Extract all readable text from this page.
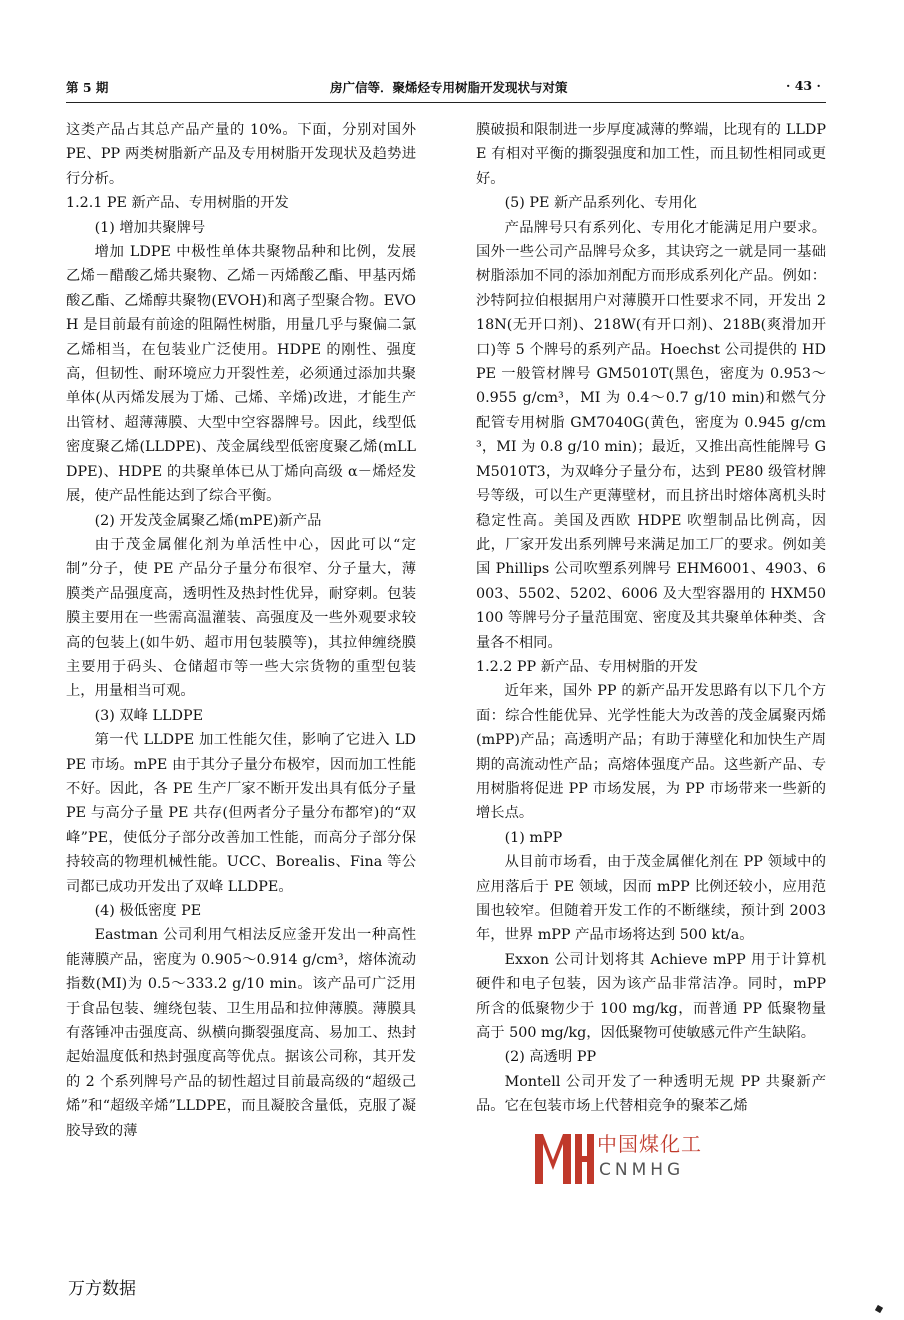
第 5 期	房广信等．聚烯烃专用树脂开发现状与对策	· 43 ·

这类产品占其总产品产量的 10%。下面，分别对国外 PE、PP 两类树脂新产品及专用树脂开发现状及趋势进行分析。

1.2.1 PE 新产品、专用树脂的开发

(1) 增加共聚牌号

增加 LDPE 中极性单体共聚物品种和比例，发展乙烯－醋酸乙烯共聚物、乙烯－丙烯酸乙酯、甲基丙烯酸乙酯、乙烯醇共聚物(EVOH)和离子型聚合物。EVOH 是目前最有前途的阻隔性树脂，用量几乎与聚偏二氯乙烯相当，在包装业广泛使用。HDPE 的刚性、强度高，但韧性、耐环境应力开裂性差，必须通过添加共聚单体(从丙烯发展为丁烯、己烯、辛烯)改进，才能生产出管材、超薄薄膜、大型中空容器牌号。因此，线型低密度聚乙烯(LLDPE)、茂金属线型低密度聚乙烯(mLLDPE)、HDPE 的共聚单体已从丁烯向高级 α－烯烃发展，使产品性能达到了综合平衡。

(2) 开发茂金属聚乙烯(mPE)新产品

由于茂金属催化剂为单活性中心，因此可以“定制”分子，使 PE 产品分子量分布很窄、分子量大，薄膜类产品强度高，透明性及热封性优异，耐穿刺。包装膜主要用在一些需高温灌装、高强度及一些外观要求较高的包装上(如牛奶、超市用包装膜等)，其拉伸缠绕膜主要用于码头、仓储超市等一些大宗货物的重型包装上，用量相当可观。

(3) 双峰 LLDPE

第一代 LLDPE 加工性能欠佳，影响了它进入 LDPE 市场。mPE 由于其分子量分布极窄，因而加工性能不好。因此，各 PE 生产厂家不断开发出具有低分子量 PE 与高分子量 PE 共存(但两者分子量分布都窄)的“双峰”PE，使低分子部分改善加工性能，而高分子部分保持较高的物理机械性能。UCC、Borealis、Fina 等公司都已成功开发出了双峰 LLDPE。

(4) 极低密度 PE

Eastman 公司利用气相法反应釜开发出一种高性能薄膜产品，密度为 0.905～0.914 g/cm³，熔体流动指数(MI)为 0.5～333.2 g/10 min。该产品可广泛用于食品包装、缠绕包装、卫生用品和拉伸薄膜。薄膜具有落锤冲击强度高、纵横向撕裂强度高、易加工、热封起始温度低和热封强度高等优点。据该公司称，其开发的 2 个系列牌号产品的韧性超过目前最高级的“超级己烯”和“超级辛烯”LLDPE，而且凝胶含量低，克服了凝胶导致的薄

膜破损和限制进一步厚度减薄的弊端，比现有的 LLDPE 有相对平衡的撕裂强度和加工性，而且韧性相同或更好。

(5) PE 新产品系列化、专用化

产品牌号只有系列化、专用化才能满足用户要求。国外一些公司产品牌号众多，其诀窍之一就是同一基础树脂添加不同的添加剂配方而形成系列化产品。例如：沙特阿拉伯根据用户对薄膜开口性要求不同，开发出 218N(无开口剂)、218W(有开口剂)、218B(爽滑加开口)等 5 个牌号的系列产品。Hoechst 公司提供的 HDPE 一般管材牌号 GM5010T(黑色，密度为 0.953～0.955 g/cm³，MI 为 0.4～0.7 g/10 min)和燃气分配管专用树脂 GM7040G(黄色，密度为 0.945 g/cm³，MI 为 0.8 g/10 min)；最近，又推出高性能牌号 GM5010T3，为双峰分子量分布，达到 PE80 级管材牌号等级，可以生产更薄壁材，而且挤出时熔体离机头时稳定性高。美国及西欧 HDPE 吹塑制品比例高，因此，厂家开发出系列牌号来满足加工厂的要求。例如美国 Phillips 公司吹塑系列牌号 EHM6001、4903、6003、5502、5202、6006 及大型容器用的 HXM50100 等牌号分子量范围宽、密度及其共聚单体种类、含量各不相同。

1.2.2 PP 新产品、专用树脂的开发

近年来，国外 PP 的新产品开发思路有以下几个方面：综合性能优异、光学性能大为改善的茂金属聚丙烯(mPP)产品；高透明产品；有助于薄壁化和加快生产周期的高流动性产品；高熔体强度产品。这些新产品、专用树脂将促进 PP 市场发展，为 PP 市场带来一些新的增长点。

(1) mPP

从目前市场看，由于茂金属催化剂在 PP 领域中的应用落后于 PE 领域，因而 mPP 比例还较小，应用范围也较窄。但随着开发工作的不断继续，预计到 2003 年，世界 mPP 产品市场将达到 500 kt/a。

Exxon 公司计划将其 Achieve mPP 用于计算机硬件和电子包装，因为该产品非常洁净。同时，mPP 所含的低聚物少于 100 mg/kg，而普通 PP 低聚物量高于 500 mg/kg，因低聚物可使敏感元件产生缺陷。

(2) 高透明 PP

Montell 公司开发了一种透明无规 PP 共聚新产品。它在包装市场上代替相竞争的聚苯乙烯

中国煤化工
CNMHG
万方数据
